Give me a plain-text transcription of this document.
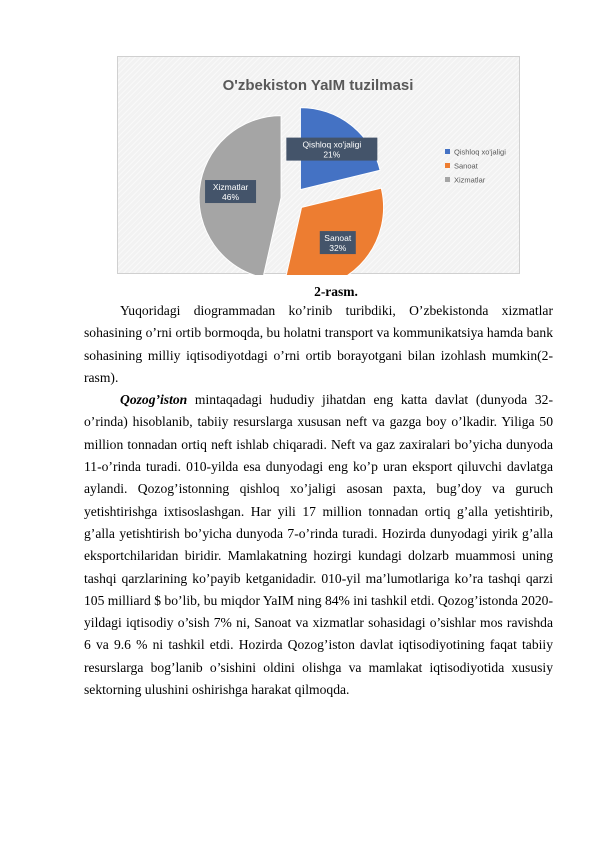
O'zbekiston YaIM tuzilmasi
Qishloq xo'jaligi
21%
Sanoat
32%
Xizmatlar
46%
Qishloq xo'jaligi
Sanoat
Xizmatlar
2-rasm.

Yuqoridagi diogrammadan ko’rinib turibdiki, O’zbekistonda xizmatlar sohasining o’rni ortib bormoqda, bu holatni transport va kommunikatsiya hamda bank sohasining milliy iqtisodiyotdagi o’rni ortib borayotgani bilan izohlash mumkin(2-rasm).

Qozog’iston mintaqadagi hududiy jihatdan eng katta davlat (dunyoda 32-o’rinda) hisoblanib, tabiiy resurslarga xususan neft va gazga boy o’lkadir. Yiliga 50 million tonnadan ortiq neft ishlab chiqaradi. Neft va gaz zaxiralari bo’yicha dunyoda 11-o’rinda turadi. 010-yilda esa dunyodagi eng ko’p uran eksport qiluvchi davlatga aylandi. Qozog’istonning qishloq xo’jaligi asosan paxta, bug’doy va guruch yetishtirishga ixtisoslashgan. Har yili 17 million tonnadan ortiq g’alla yetishtirib, g’alla yetishtirish bo’yicha dunyoda 7-o’rinda turadi. Hozirda dunyodagi yirik g’alla eksportchilaridan biridir. Mamlakatning hozirgi kundagi dolzarb muammosi uning tashqi qarzlarining ko’payib ketganidadir. 010-yil ma’lumotlariga ko’ra tashqi qarzi 105 milliard $ bo’lib, bu miqdor YaIM ning 84% ini tashkil etdi. Qozog’istonda 2020-yildagi iqtisodiy o’sish 7% ni, Sanoat va xizmatlar sohasidagi o’sishlar mos ravishda 6 va 9.6 % ni tashkil etdi. Hozirda Qozog’iston davlat iqtisodiyotining faqat tabiiy resurslarga bog’lanib o’sishini oldini olishga va mamlakat iqtisodiyotida xususiy sektorning ulushini oshirishga harakat qilmoqda.
